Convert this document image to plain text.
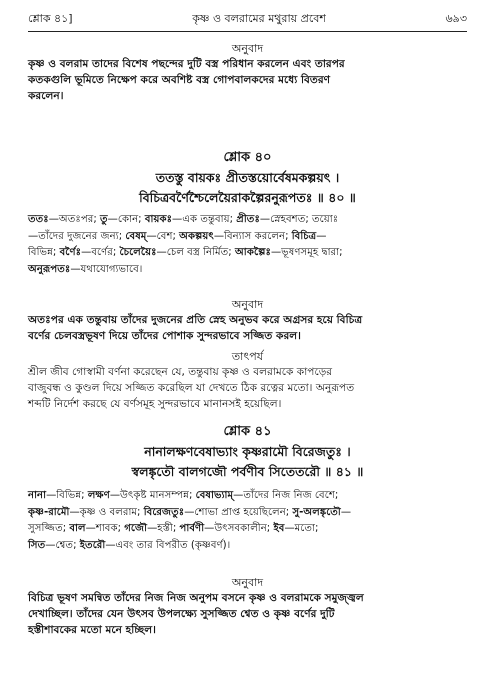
শ্লোক ৪১]	কৃষ্ণ ও বলরামের মথুরায় প্রবেশ	৬৯৩
অনুবাদ
কৃষ্ণ ও বলরাম তাদের বিশেষ পছন্দের দুটি বস্ত্র পরিধান করলেন এবং তারপর
কতকগুলি ভূমিতে নিক্ষেপ করে অবশিষ্ট বস্ত্র গোপবালকদের মধ্যে বিতরণ
করলেন।
শ্লোক ৪০
ততস্তু বায়কঃ প্রীতস্তয়োর্বেষমকল্পয়ৎ ।
বিচিত্রবর্ণৈশ্চৈলেয়ৈরাকল্পৈরনুরূপতঃ ॥ ৪০ ॥
ততঃ—অতঃপর; তু—কোন; বায়কঃ—এক তন্তুবায়; প্রীতঃ—স্নেহবশত; তয়োঃ
—তাঁদের দুজনের জন্য; বেষম্—বেশ; অকল্পয়ৎ—বিন্যাস করলেন; বিচিত্র—
বিভিন্ন; বর্ণৈঃ—বর্ণের; চৈলেয়ৈঃ—চেল বস্ত্র নির্মিত; আকল্পৈঃ—ভূষণসমূহ দ্বারা;
অনুরূপতঃ—যথাযোগ্যভাবে।
অনুবাদ
অতঃপর এক তন্তুবায় তাঁদের দুজনের প্রতি স্নেহ অনুভব করে অগ্রসর হয়ে বিচিত্র
বর্ণের চেলবস্ত্রভূষণ দিয়ে তাঁদের পোশাক সুন্দরভাবে সজ্জিত করল।
তাৎপর্য
শ্রীল জীব গোস্বামী বর্ণনা করেছেন যে, তন্তুবায় কৃষ্ণ ও বলরামকে কাপড়ের
বাজুবন্ধ ও কুণ্ডল দিয়ে সজ্জিত করেছিল যা দেখতে ঠিক রত্নের মতো। অনুরূপত
শব্দটি নির্দেশ করছে যে বর্ণসমূহ সুন্দরভাবে মানানসই হয়েছিল।
শ্লোক ৪১
নানালক্ষণবেষাভ্যাং কৃষ্ণরামৌ বিরেজতুঃ ।
স্বলঙ্কৃতৌ বালগজৌ পর্বণীব সিতেতরৌ ॥ ৪১ ॥
নানা—বিভিন্ন; লক্ষণ—উৎকৃষ্ট মানসম্পন্ন; বেষাভ্যাম্—তাঁদের নিজ নিজ বেশে;
কৃষ্ণ-রামৌ—কৃষ্ণ ও বলরাম; বিরেজতুঃ—শোভা প্রাপ্ত হয়েছিলেন; সু-অলঙ্কৃতৌ—
সুসজ্জিত; বাল—শাবক; গজৌ—হস্তী; পার্বণী—উৎসবকালীন; ইব—মতো;
সিত—শ্বেত; ইতরৌ—এবং তার বিপরীত (কৃষ্ণবর্ণ)।
অনুবাদ
বিচিত্র ভূষণ সমন্বিত তাঁদের নিজ নিজ অনুপম বসনে কৃষ্ণ ও বলরামকে সমুজ্জ্বল
দেখাচ্ছিল। তাঁদের যেন উৎসব উপলক্ষ্যে সুসজ্জিত শ্বেত ও কৃষ্ণ বর্ণের দুটি
হস্তীশাবকের মতো মনে হচ্ছিল।
